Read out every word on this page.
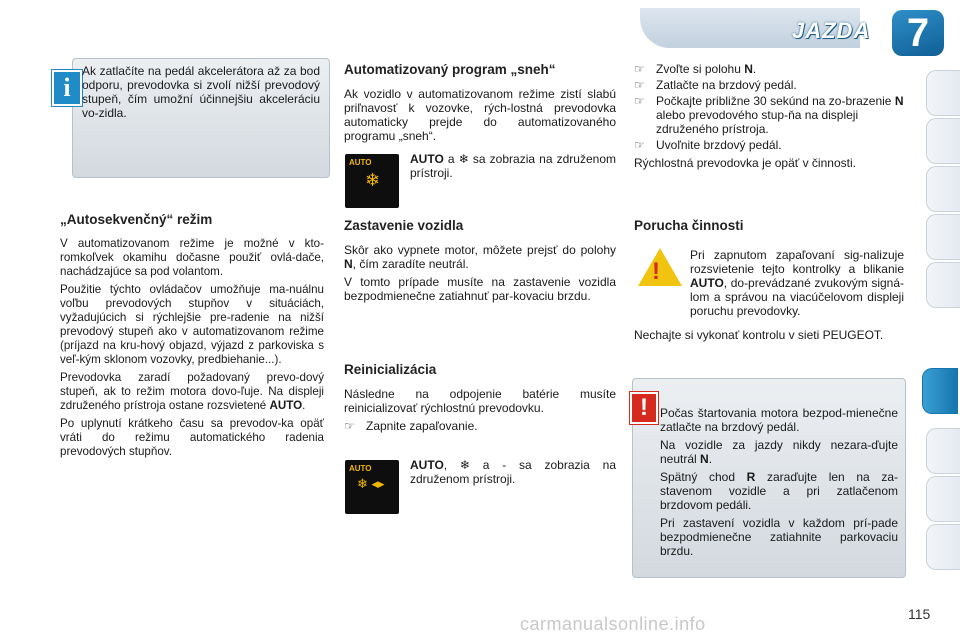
JAZDA 7
i
Ak zatlačíte na pedál akcelerátora až za bod odporu, prevodovka si zvolí nižší prevodový stupeň, čím umožní účinnejšiu akceleráciu vo-zidla.
„Autosekvenčný“ režim

V automatizovanom režime je možné v kto-romkoľvek okamihu dočasne použiť ovlá-dače, nachádzajúce sa pod volantom.

Použitie týchto ovládačov umožňuje ma-nuálnu voľbu prevodových stupňov v situáciách, vyžadujúcich si rýchlejšie pre-radenie na nižší prevodový stupeň ako v automatizovanom režime (príjazd na kru-hový objazd, výjazd z parkoviska s veľ-kým sklonom vozovky, predbiehanie...).

Prevodovka zaradí požadovaný prevo-dový stupeň, ak to režim motora dovo-ľuje. Na displeji združeného prístroja ostane rozsvietené AUTO.

Po uplynutí krátkeho času sa prevodov-ka opäť vráti do režimu automatického radenia prevodových stupňov.

Automatizovaný program „sneh“

Ak vozidlo v automatizovanom režime zistí slabú priľnavosť k vozovke, rých-lostná prevodovka automaticky prejde do automatizovaného programu „sneh“.

AUTO
❄
AUTO a ❄ sa zobrazia na združenom prístroji.
Zastavenie vozidla

Skôr ako vypnete motor, môžete prejsť do polohy N, čím zaradíte neutrál.

V tomto prípade musíte na zastavenie vozidla bezpodmienečne zatiahnuť par-kovaciu brzdu.

Reinicializácia

Následne na odpojenie batérie musíte reinicializovať rýchlostnú prevodovku.

☞ Zapnite zapaľovanie.
AUTO
❄ ◂▸
AUTO, ❄ a - sa zobrazia na združenom prístroji.
☞ Zvoľte si polohu N.
☞ Zatlačte na brzdový pedál.
☞ Počkajte približne 30 sekúnd na zo-brazenie N alebo prevodového stup-ňa na displeji združeného prístroja.
☞ Uvoľnite brzdový pedál.
Rýchlostná prevodovka je opäť v činnosti.
Porucha činnosti
!
Pri zapnutom zapaľovaní sig-nalizuje rozsvietenie tejto kontrolky a blikanie AUTO, do-prevádzané zvukovým signá-lom a správou na viacúčelovom displeji poruchu prevodovky.
Nechajte si vykonať kontrolu v sieti PEUGEOT.
!	Počas štartovania motora bezpod-mienečne zatlačte na brzdový pedál.

Na vozidle za jazdy nikdy nezara-ďujte neutrál N.

Spätný chod R zaraďujte len na za-stavenom vozidle a pri zatlačenom brzdovom pedáli.

Pri zastavení vozidla v každom prí-pade bezpodmienečne zatiahnite parkovaciu brzdu.

carmanualsonline.info	115
